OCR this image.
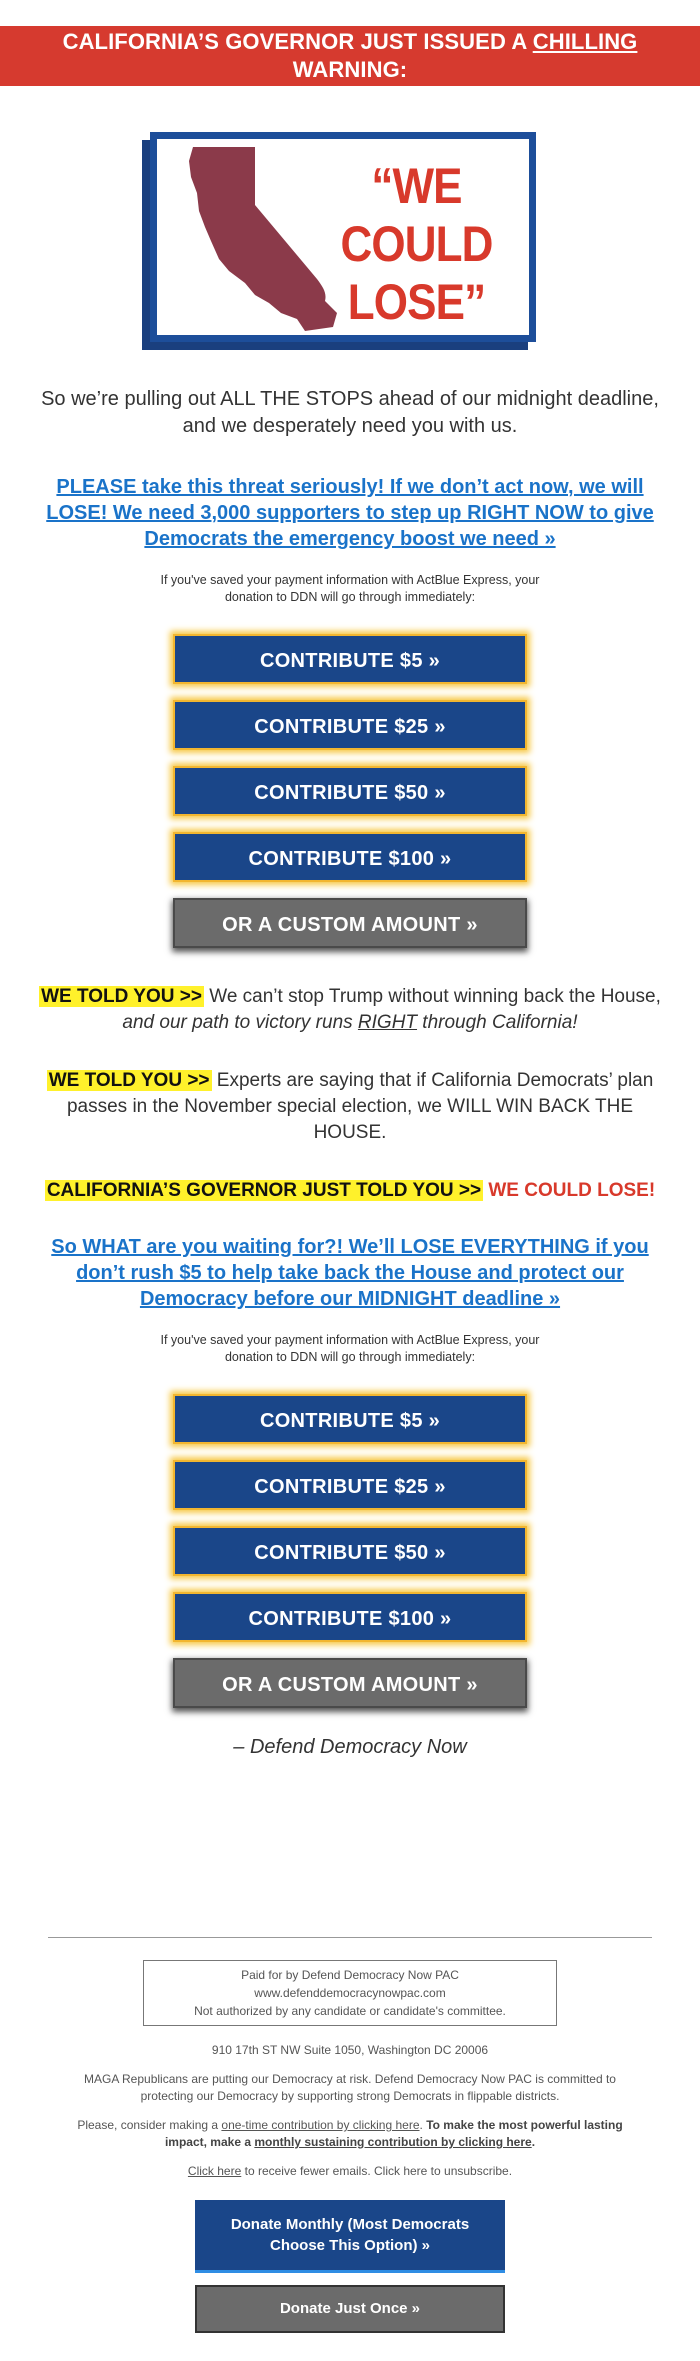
CALIFORNIA’S GOVERNOR JUST ISSUED A CHILLING WARNING:
“WE COULD
LOSE”

So we’re pulling out ALL THE STOPS ahead of our midnight deadline, and we desperately need you with us.

PLEASE take this threat seriously! If we don’t act now, we will LOSE! We need 3,000 supporters to step up RIGHT NOW to give Democrats the emergency boost we need »

If you've saved your payment information with ActBlue Express, your donation to DDN will go through immediately:

CONTRIBUTE $5 »
CONTRIBUTE $25 »
CONTRIBUTE $50 »
CONTRIBUTE $100 »
OR A CUSTOM AMOUNT »

WE TOLD YOU >> We can’t stop Trump without winning back the House, and our path to victory runs RIGHT through California!

WE TOLD YOU >> Experts are saying that if California Democrats’ plan passes in the November special election, we WILL WIN BACK THE HOUSE.

CALIFORNIA’S GOVERNOR JUST TOLD YOU >> WE COULD LOSE!

So WHAT are you waiting for?! We’ll LOSE EVERYTHING if you don’t rush $5 to help take back the House and protect our Democracy before our MIDNIGHT deadline »

If you've saved your payment information with ActBlue Express, your donation to DDN will go through immediately:

CONTRIBUTE $5 »
CONTRIBUTE $25 »
CONTRIBUTE $50 »
CONTRIBUTE $100 »
OR A CUSTOM AMOUNT »
– Defend Democracy Now
Paid for by Defend Democracy Now PAC
www.defenddemocracynowpac.com
Not authorized by any candidate or candidate's committee.

910 17th ST NW Suite 1050, Washington DC 20006

MAGA Republicans are putting our Democracy at risk. Defend Democracy Now PAC is committed to protecting our Democracy by supporting strong Democrats in flippable districts.

Please, consider making a one-time contribution by clicking here. To make the most powerful lasting impact, make a monthly sustaining contribution by clicking here.

Click here to receive fewer emails. Click here to unsubscribe.

Donate Monthly (Most Democrats Choose This Option) »
Donate Just Once »
